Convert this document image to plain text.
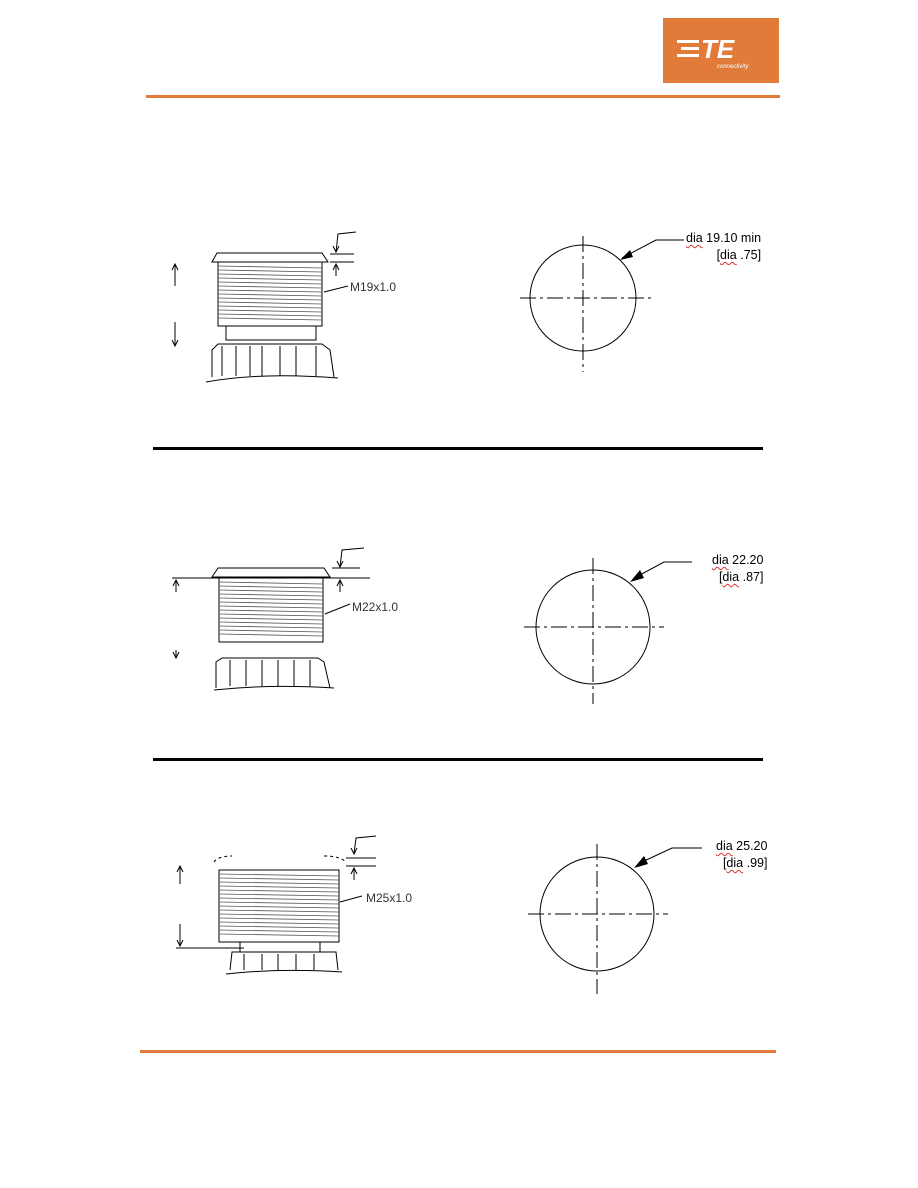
TE
connectivity
M19x1.0
dia 19.10 min
[dia .75]
M22x1.0
dia 22.20
[dia .87]
M25x1.0
dia 25.20
[dia .99]
